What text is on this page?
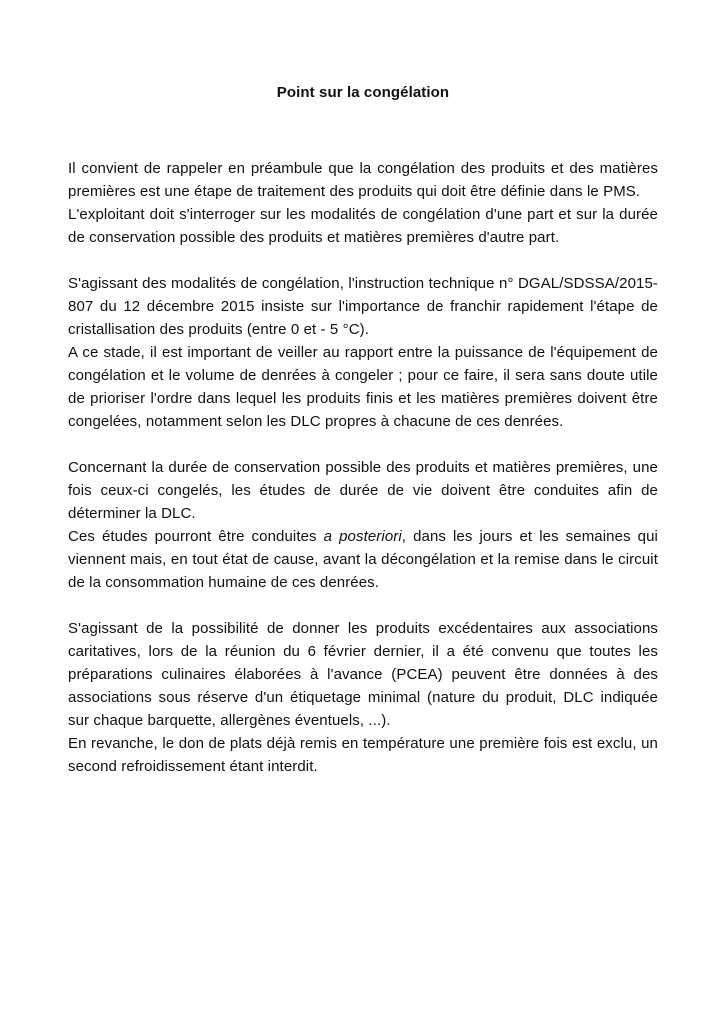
Point sur la congélation

Il convient de rappeler en préambule que la congélation des produits et des matières premières est une étape de traitement des produits qui doit être définie dans le PMS.

L'exploitant doit s'interroger sur les modalités de congélation d'une part et sur la durée de conservation possible des produits et matières premières d'autre part.

S'agissant des modalités de congélation, l'instruction technique n° DGAL/SDSSA/2015-807 du 12 décembre 2015 insiste sur l'importance de franchir rapidement l'étape de cristallisation des produits (entre 0 et - 5 °C).

A ce stade, il est important de veiller au rapport entre la puissance de l'équipement de congélation et le volume de denrées à congeler ; pour ce faire, il sera sans doute utile de prioriser l'ordre dans lequel les produits finis et les matières premières doivent être congelées, notamment selon les DLC propres à chacune de ces denrées.

Concernant la durée de conservation possible des produits et matières premières, une fois ceux-ci congelés, les études de durée de vie doivent être conduites afin de déterminer la DLC.

Ces études pourront être conduites a posteriori, dans les jours et les semaines qui viennent mais, en tout état de cause, avant la décongélation et la remise dans le circuit de la consommation humaine de ces denrées.

S'agissant de la possibilité de donner les produits excédentaires aux associations caritatives, lors de la réunion du 6 février dernier, il a été convenu que toutes les préparations culinaires élaborées à l'avance (PCEA) peuvent être données à des associations sous réserve d'un étiquetage minimal (nature du produit, DLC indiquée sur chaque barquette, allergènes éventuels, ...).

En revanche, le don de plats déjà remis en température une première fois est exclu, un second refroidissement étant interdit.
